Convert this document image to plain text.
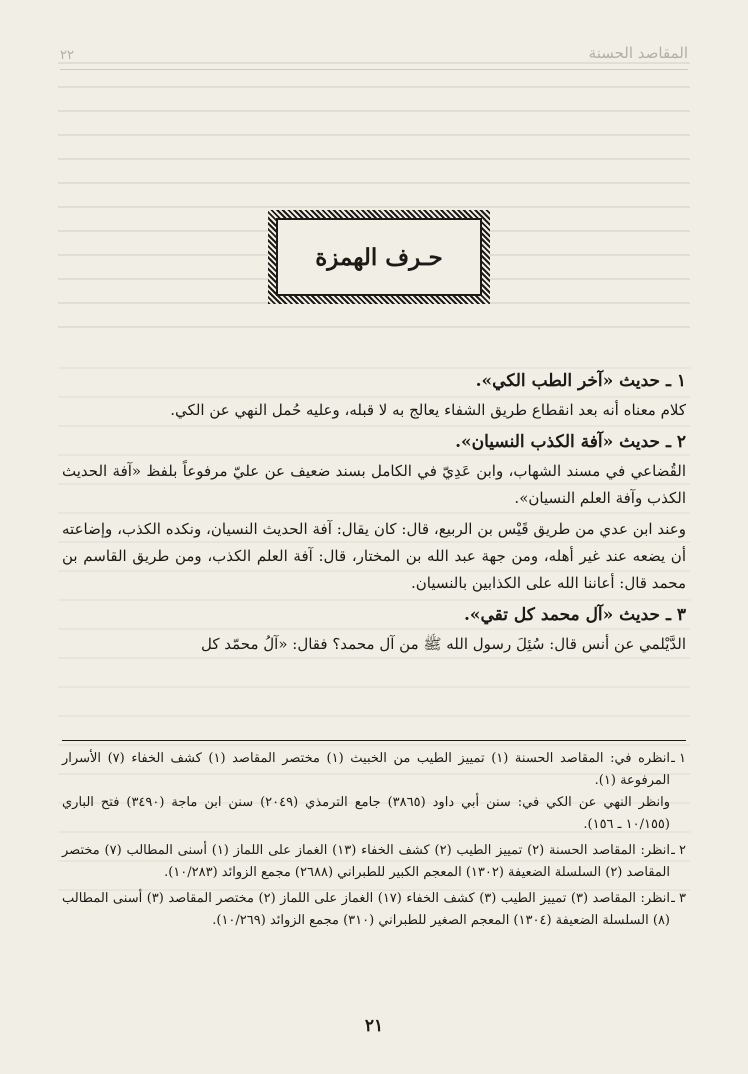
المقاصد الحسنة
٢٢
حـرف الهمزة
١ ـ حديث «آخر الطب الكي».

كلام معناه أنه بعد انقطاع طريق الشفاء يعالج به لا قبله، وعليه حُمل النهي عن الكي.

٢ ـ حديث «آفة الكذب النسيان».

القُضاعي في مسند الشهاب، وابن عَدِيّ في الكامل بسند ضعيف عن عليّ مرفوعاً بلفظ «آفة الحديث الكذب وآفة العلم النسيان».

وعند ابن عدي من طريق قَيْس بن الربيع، قال: كان يقال: آفة الحديث النسيان، ونكده الكذب، وإضاعته أن يضعه عند غير أهله، ومن جهة عبد الله بن المختار، قال: آفة العلم الكذب، ومن طريق القاسم بن محمد قال: أعاننا الله على الكذابين بالنسيان.

٣ ـ حديث «آل محمد كل تقي».

الدَّيْلمي عن أنس قال: سُئِلَ رسول الله ﷺ من آل محمد؟ فقال: «آلُ محمّد كل

١ ـ
انظره في: المقاصد الحسنة (١) تمييز الطيب من الخبيث (١) مختصر المقاصد (١) كشف الخفاء (٧) الأسرار المرفوعة (١).
وانظر النهي عن الكي في: سنن أبي داود (٣٨٦٥) جامع الترمذي (٢٠٤٩) سنن ابن ماجة (٣٤٩٠) فتح الباري (١٠/١٥٥ ـ ١٥٦).
٢ ـ
انظر: المقاصد الحسنة (٢) تمييز الطيب (٢) كشف الخفاء (١٣) الغماز على اللماز (١) أسنى المطالب (٧) مختصر المقاصد (٢) السلسلة الضعيفة (١٣٠٢) المعجم الكبير للطبراني (٢٦٨٨) مجمع الزوائد (١٠/٢٨٣).
٣ ـ
انظر: المقاصد (٣) تمييز الطيب (٣) كشف الخفاء (١٧) الغماز على اللماز (٢) مختصر المقاصد (٣) أسنى المطالب (٨) السلسلة الضعيفة (١٣٠٤) المعجم الصغير للطبراني (٣١٠) مجمع الزوائد (١٠/٢٦٩).
٢١
